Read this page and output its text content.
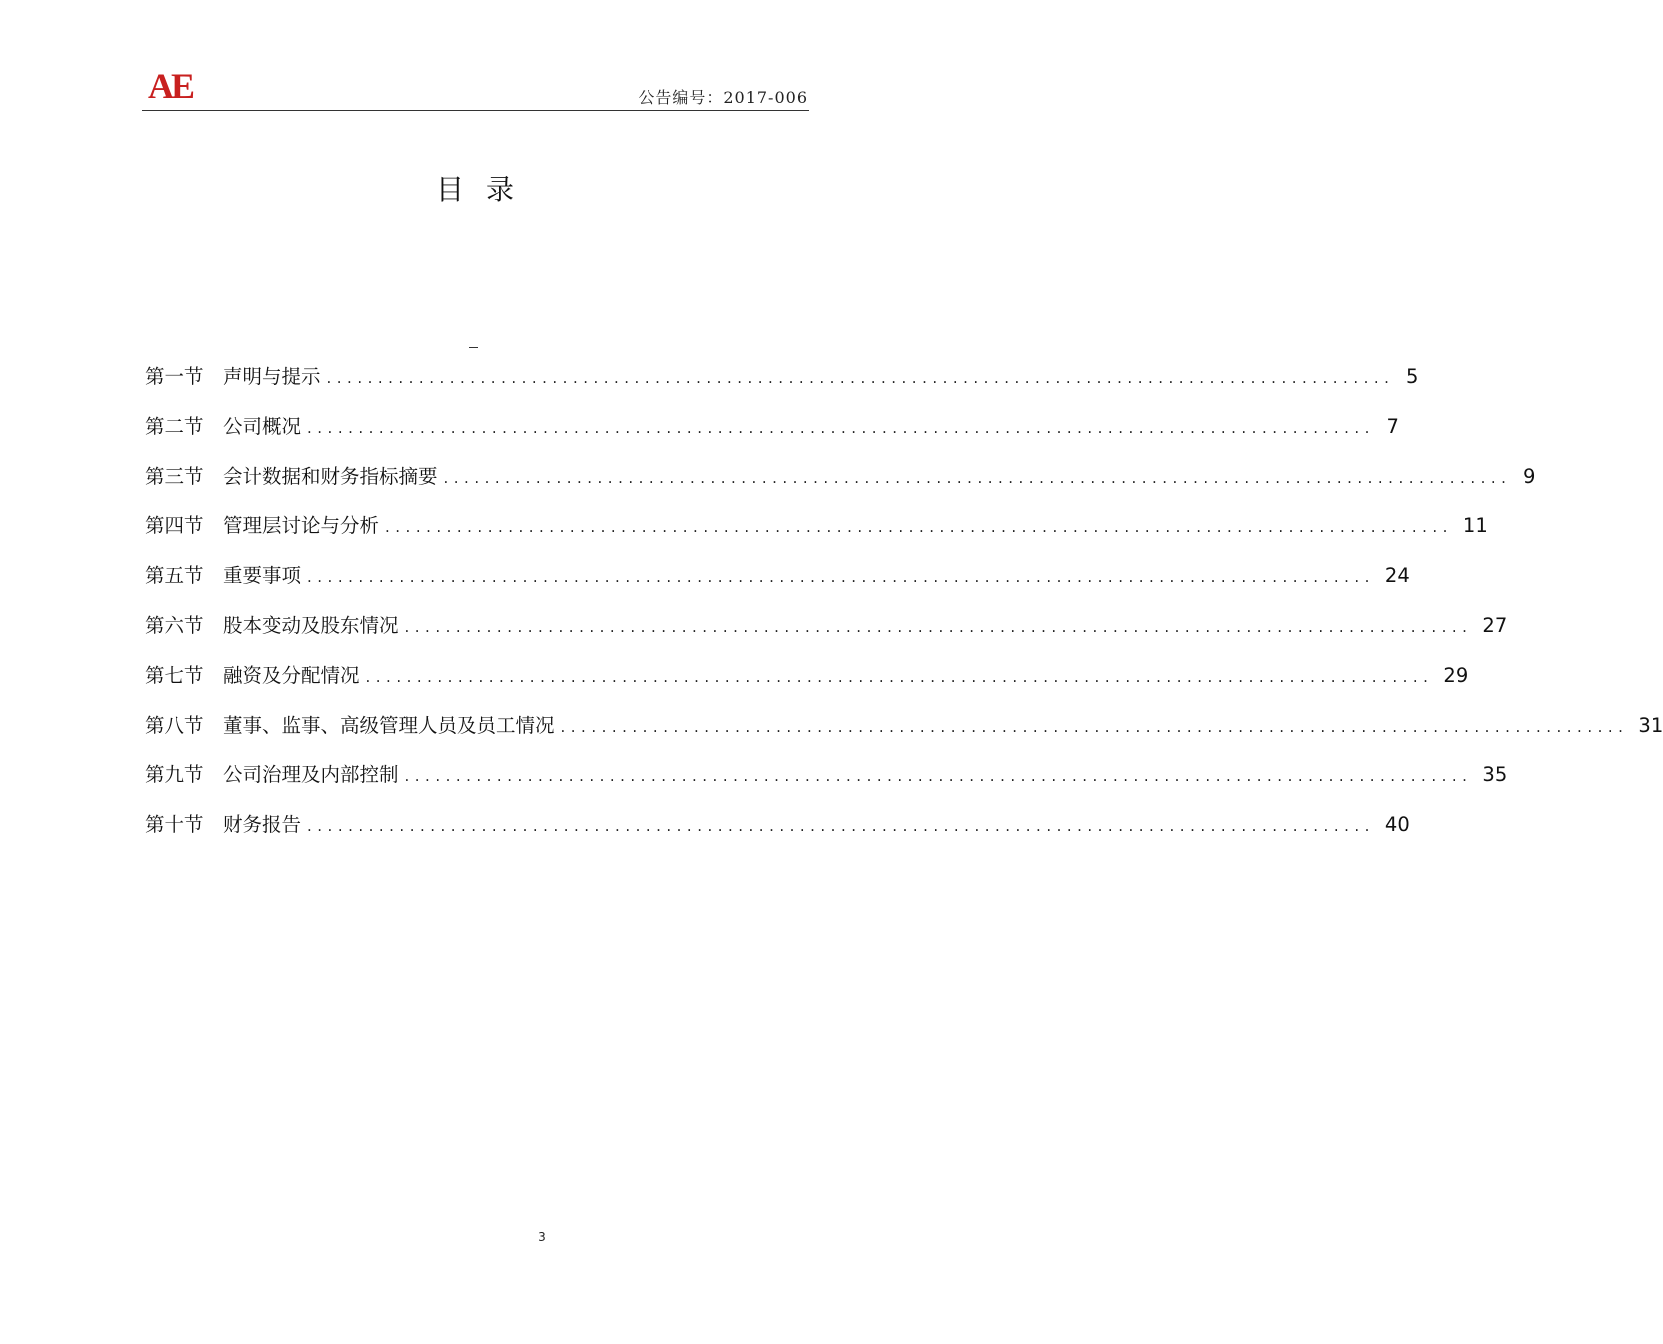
AE	公告编号：2017-006
目录
第一节 声明与提示 ........................................................................................................ 5
第二节 公司概况 ........................................................................................................ 7
第三节 会计数据和财务指标摘要 ........................................................................................................ 9
第四节 管理层讨论与分析 ........................................................................................................ 11
第五节 重要事项 ........................................................................................................ 24
第六节 股本变动及股东情况 ........................................................................................................ 27
第七节 融资及分配情况 ........................................................................................................ 29
第八节 董事、监事、高级管理人员及员工情况 ........................................................................................................ 31
第九节 公司治理及内部控制 ........................................................................................................ 35
第十节 财务报告 ........................................................................................................ 40
3
